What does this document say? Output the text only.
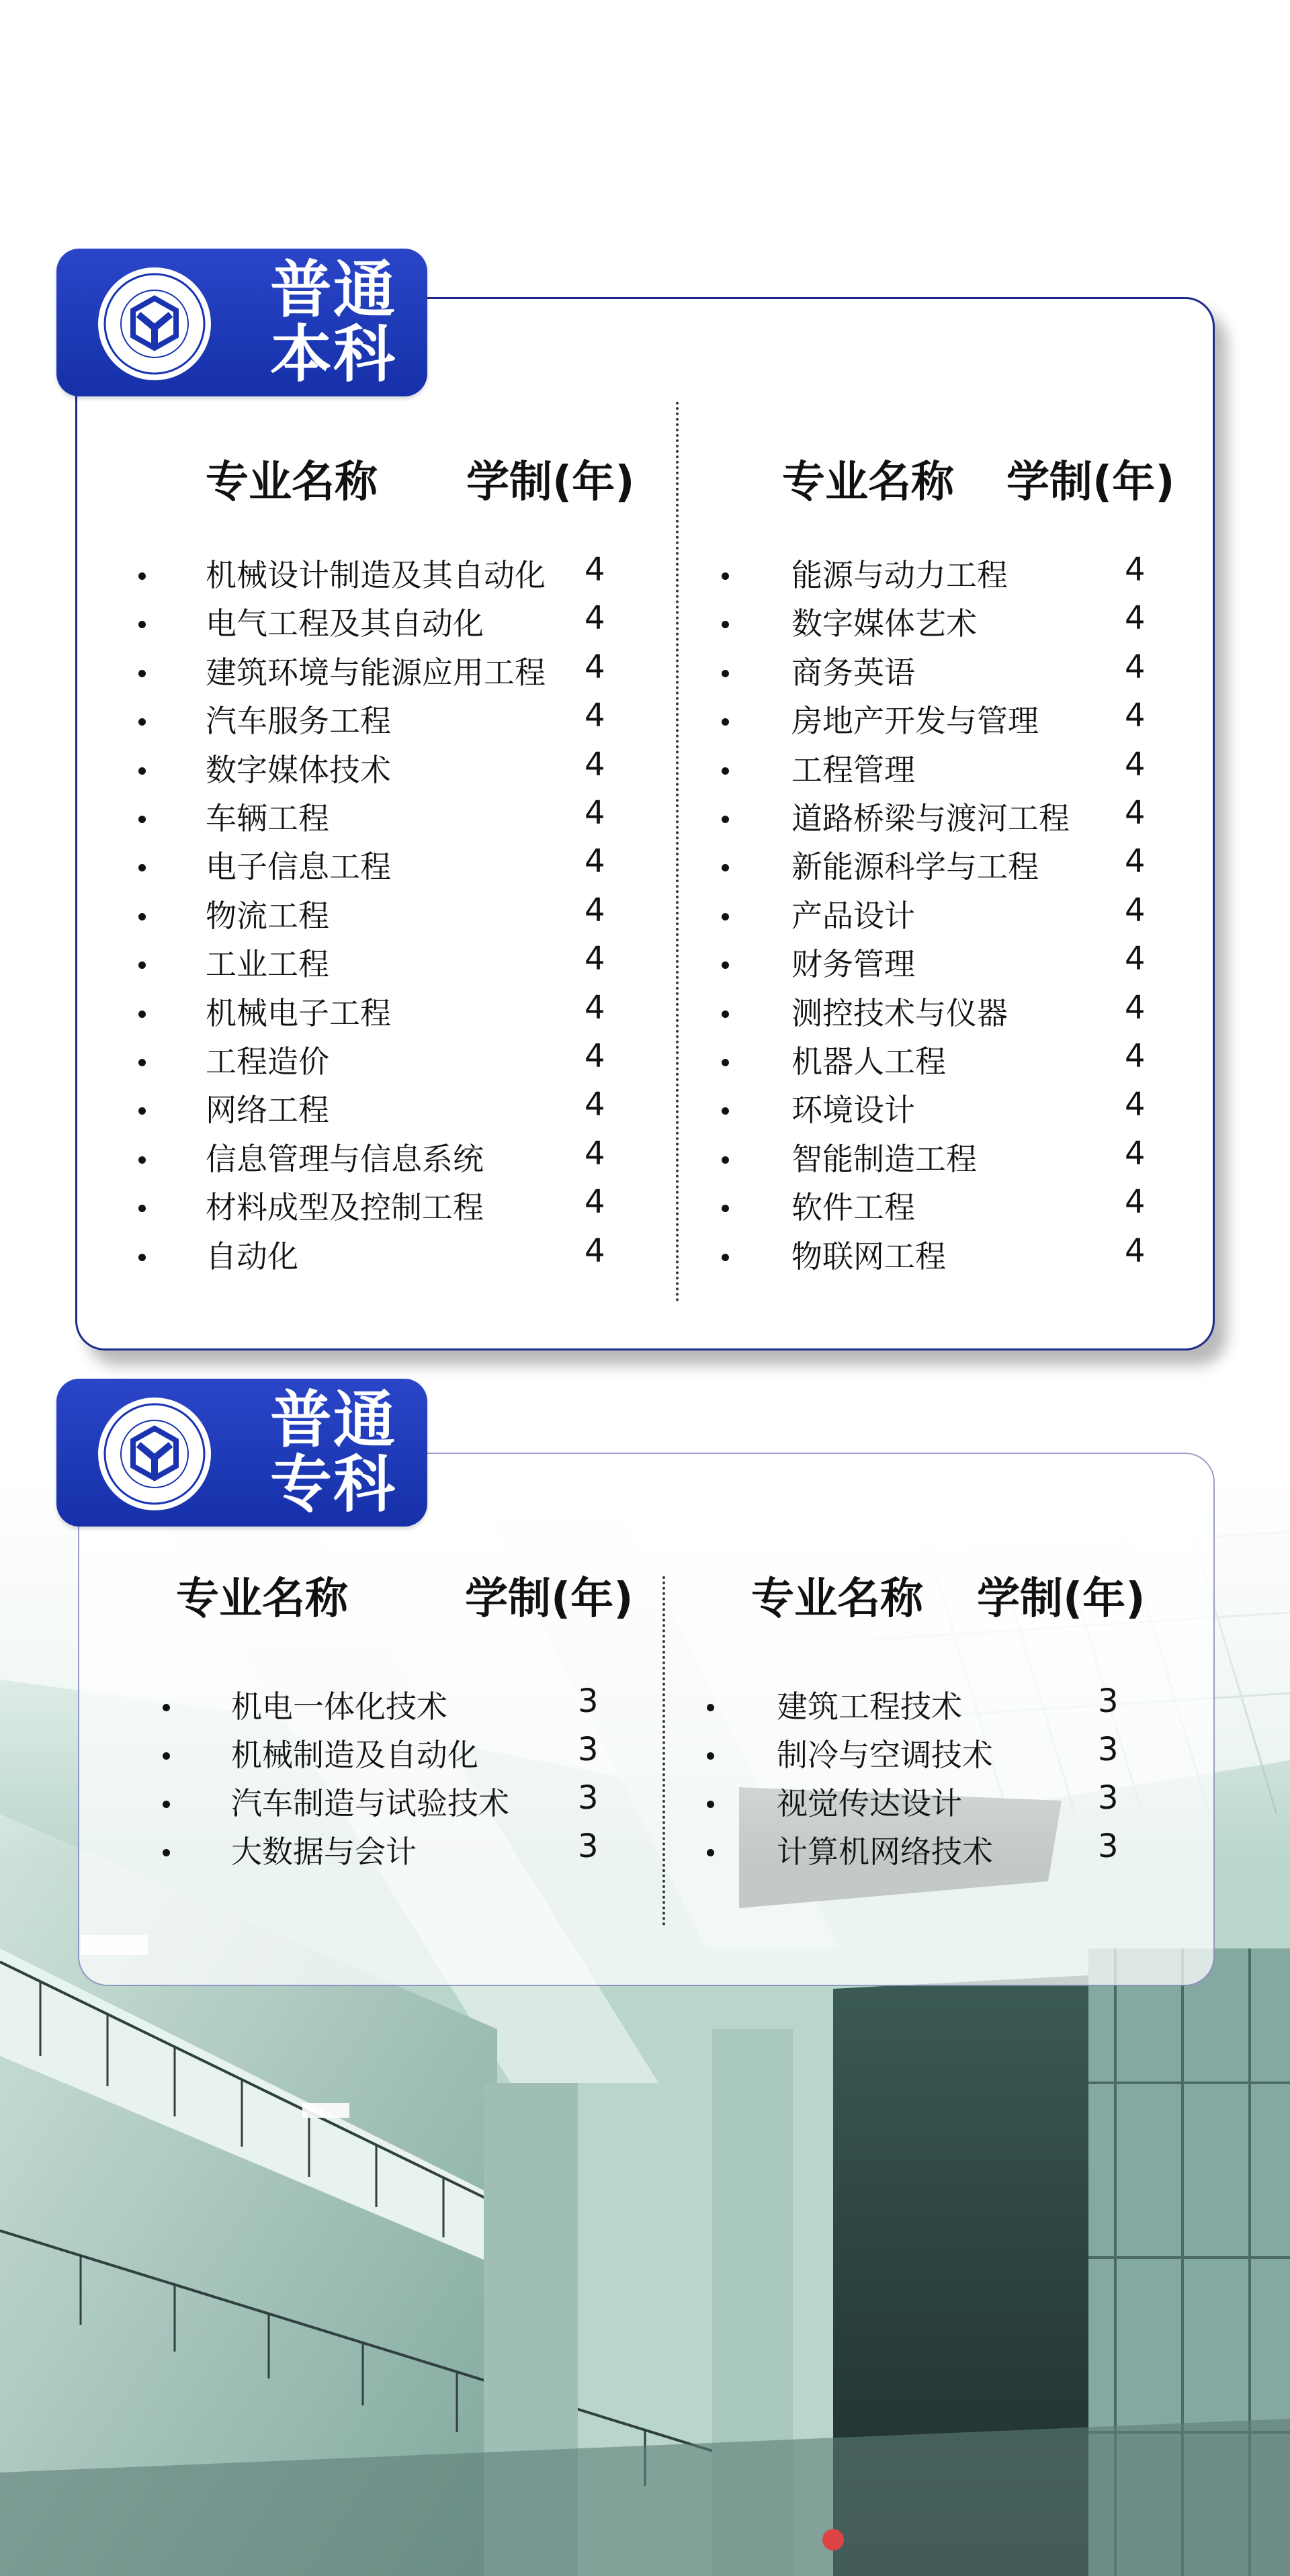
普通
本科
专业名称 学制(年)	专业名称 学制(年)
机械设计制造及其自动化 4
电气工程及其自动化	4
建筑环境与能源应用工程 4
汽车服务工程	4
数字媒体技术	4
车辆工程	4
电子信息工程	4
物流工程	4
工业工程	4
机械电子工程	4
工程造价	4
网络工程	4
信息管理与信息系统	4
材料成型及控制工程	4
自动化	4
能源与动力工程	4
数字媒体艺术	4
商务英语	4
房地产开发与管理	4
工程管理	4
道路桥梁与渡河工程 4
新能源科学与工程	4
产品设计	4
财务管理	4
测控技术与仪器	4
机器人工程	4
环境设计	4
智能制造工程	4
软件工程	4
物联网工程	4
普通
专科
专业名称	学制(年)	专业名称 学制(年)
机电一体化技术	3
机械制造及自动化	3
汽车制造与试验技术 3
大数据与会计	3
建筑工程技术	3
制冷与空调技术	3
视觉传达设计	3
计算机网络技术	3
